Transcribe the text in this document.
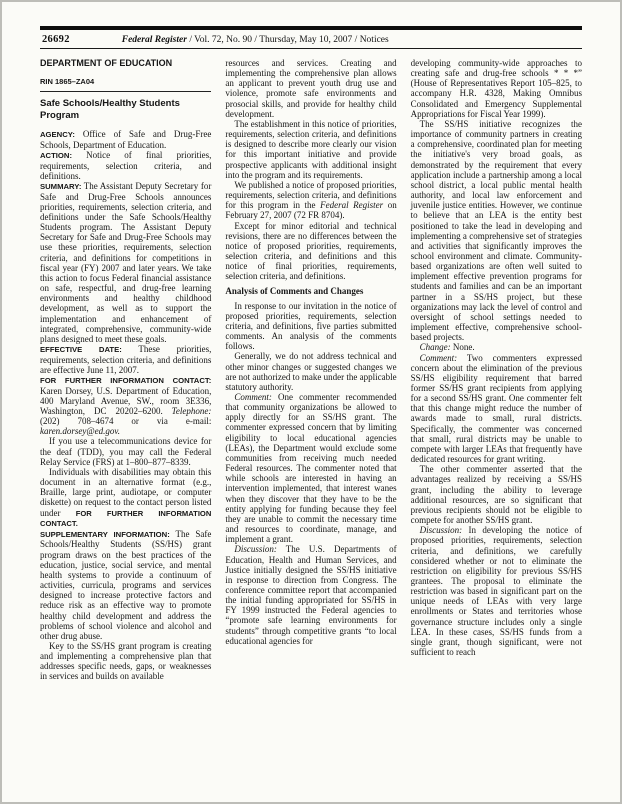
26692	Federal Register / Vol. 72, No. 90 / Thursday, May 10, 2007 / Notices
DEPARTMENT OF EDUCATION
RIN 1865–ZA04
Safe Schools/Healthy Students Program

AGENCY: Office of Safe and Drug-Free Schools, Department of Education.

ACTION: Notice of final priorities, requirements, selection criteria, and definitions.

SUMMARY: The Assistant Deputy Secretary for Safe and Drug-Free Schools announces priorities, requirements, selection criteria, and definitions under the Safe Schools/Healthy Students program. The Assistant Deputy Secretary for Safe and Drug-Free Schools may use these priorities, requirements, selection criteria, and definitions for competitions in fiscal year (FY) 2007 and later years. We take this action to focus Federal financial assistance on safe, respectful, and drug-free learning environments and healthy childhood development, as well as to support the implementation and enhancement of integrated, comprehensive, community-wide plans designed to meet these goals.

EFFECTIVE DATE: These priorities, requirements, selection criteria, and definitions are effective June 11, 2007.

FOR FURTHER INFORMATION CONTACT: Karen Dorsey, U.S. Department of Education, 400 Maryland Avenue, SW., room 3E336, Washington, DC 20202–6200. Telephone: (202) 708–4674 or via e-mail: karen.dorsey@ed.gov.

If you use a telecommunications device for the deaf (TDD), you may call the Federal Relay Service (FRS) at 1–800–877–8339.

Individuals with disabilities may obtain this document in an alternative format (e.g., Braille, large print, audiotape, or computer diskette) on request to the contact person listed under FOR FURTHER INFORMATION CONTACT.

SUPPLEMENTARY INFORMATION: The Safe Schools/Healthy Students (SS/HS) grant program draws on the best practices of the education, justice, social service, and mental health systems to provide a continuum of activities, curricula, programs and services designed to increase protective factors and reduce risk as an effective way to promote healthy child development and address the problems of school violence and alcohol and other drug abuse.

Key to the SS/HS grant program is creating and implementing a comprehensive plan that addresses specific needs, gaps, or weaknesses in services and builds on available

resources and services. Creating and implementing the comprehensive plan allows an applicant to prevent youth drug use and violence, promote safe environments and prosocial skills, and provide for healthy child development.

The establishment in this notice of priorities, requirements, selection criteria, and definitions is designed to describe more clearly our vision for this important initiative and provide prospective applicants with additional insight into the program and its requirements.

We published a notice of proposed priorities, requirements, selection criteria, and definitions for this program in the Federal Register on February 27, 2007 (72 FR 8704).

Except for minor editorial and technical revisions, there are no differences between the notice of proposed priorities, requirements, selection criteria, and definitions and this notice of final priorities, requirements, selection criteria, and definitions.

Analysis of Comments and Changes

In response to our invitation in the notice of proposed priorities, requirements, selection criteria, and definitions, five parties submitted comments. An analysis of the comments follows.

Generally, we do not address technical and other minor changes or suggested changes we are not authorized to make under the applicable statutory authority.

Comment: One commenter recommended that community organizations be allowed to apply directly for an SS/HS grant. The commenter expressed concern that by limiting eligibility to local educational agencies (LEAs), the Department would exclude some communities from receiving much needed Federal resources. The commenter noted that while schools are interested in having an intervention implemented, that interest wanes when they discover that they have to be the entity applying for funding because they feel they are unable to commit the necessary time and resources to coordinate, manage, and implement a grant.

Discussion: The U.S. Departments of Education, Health and Human Services, and Justice initially designed the SS/HS initiative in response to direction from Congress. The conference committee report that accompanied the initial funding appropriated for SS/HS in FY 1999 instructed the Federal agencies to “promote safe learning environments for students” through competitive grants “to local educational agencies for

developing community-wide approaches to creating safe and drug-free schools * * *” (House of Representatives Report 105–825, to accompany H.R. 4328, Making Omnibus Consolidated and Emergency Supplemental Appropriations for Fiscal Year 1999).

The SS/HS initiative recognizes the importance of community partners in creating a comprehensive, coordinated plan for meeting the initiative's very broad goals, as demonstrated by the requirement that every application include a partnership among a local school district, a local public mental health authority, and local law enforcement and juvenile justice entities. However, we continue to believe that an LEA is the entity best positioned to take the lead in developing and implementing a comprehensive set of strategies and activities that significantly improves the school environment and climate. Community-based organizations are often well suited to implement effective prevention programs for students and families and can be an important partner in a SS/HS project, but these organizations may lack the level of control and oversight of school settings needed to implement effective, comprehensive school-based projects.

Change: None.

Comment: Two commenters expressed concern about the elimination of the previous SS/HS eligibility requirement that barred former SS/HS grant recipients from applying for a second SS/HS grant. One commenter felt that this change might reduce the number of awards made to small, rural districts. Specifically, the commenter was concerned that small, rural districts may be unable to compete with larger LEAs that frequently have dedicated resources for grant writing.

The other commenter asserted that the advantages realized by receiving a SS/HS grant, including the ability to leverage additional resources, are so significant that previous recipients should not be eligible to compete for another SS/HS grant.

Discussion: In developing the notice of proposed priorities, requirements, selection criteria, and definitions, we carefully considered whether or not to eliminate the restriction on eligibility for previous SS/HS grantees. The proposal to eliminate the restriction was based in significant part on the unique needs of LEAs with very large enrollments or States and territories whose governance structure includes only a single LEA. In these cases, SS/HS funds from a single grant, though significant, were not sufficient to reach
